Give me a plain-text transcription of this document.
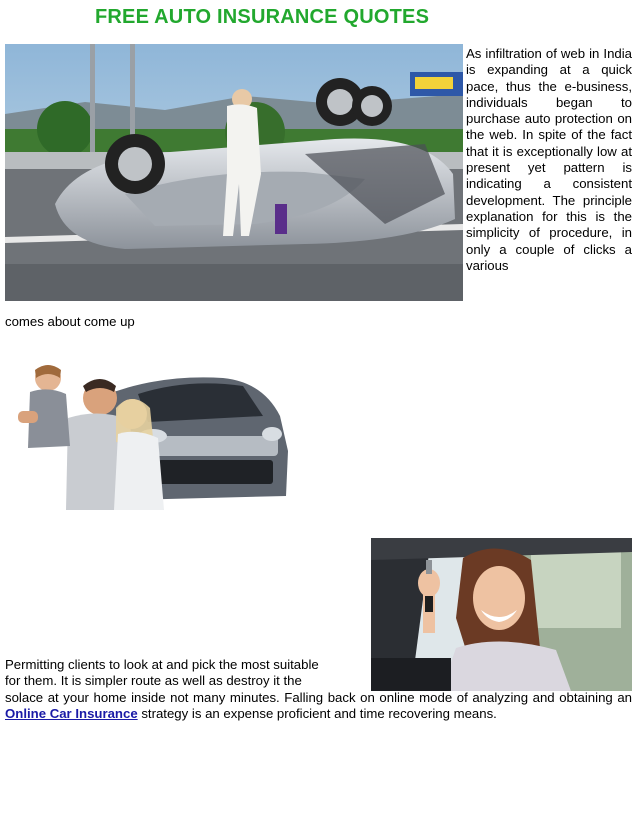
FREE AUTO INSURANCE QUOTES
As infiltration of web in India is expanding at a quick pace, thus the e-business, individuals began to purchase auto protection on the web. In spite of the fact that it is exceptionally low at present yet pattern is indicating a consistent development. The principle explanation for this is the simplicity of procedure, in only a couple of clicks a various
comes about come up
Permitting clients to look at and pick the most suitable
for them. It is simpler route as well as destroy it the
solace at your home inside not many minutes. Falling back on online mode of analyzing and obtaining an Online Car Insurance strategy is an expense proficient and time recovering means.
